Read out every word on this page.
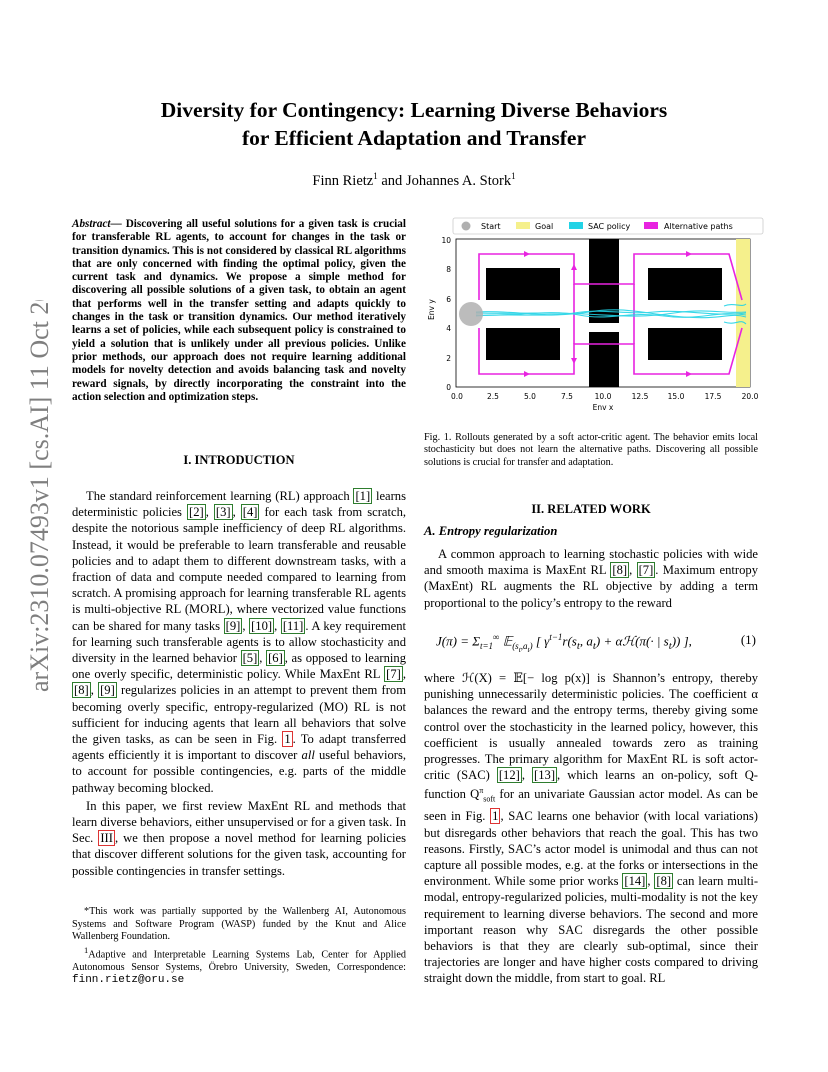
arXiv:2310.07493v1 [cs.AI] 11 Oct 2023
Diversity for Contingency: Learning Diverse Behaviors
for Efficient Adaptation and Transfer
Finn Rietz$^1$ and Johannes A. Stork$^1$
Abstract— Discovering all useful solutions for a given task is crucial for transferable RL agents, to account for changes in the task or transition dynamics. This is not considered by classical RL algorithms that are only concerned with finding the optimal policy, given the current task and dynamics. We propose a simple method for discovering all possible solutions of a given task, to obtain an agent that performs well in the transfer setting and adapts quickly to changes in the task or transition dynamics. Our method iteratively learns a set of policies, while each subsequent policy is constrained to yield a solution that is unlikely under all previous policies. Unlike prior methods, our approach does not require learning additional models for novelty detection and avoids balancing task and novelty reward signals, by directly incorporating the constraint into the action selection and optimization steps.
I. INTRODUCTION

The standard reinforcement learning (RL) approach [1] learns deterministic policies [2] , [3] , [4] for each task from scratch, despite the notorious sample inefficiency of deep RL algorithms. Instead, it would be preferable to learn transferable and reusable policies and to adapt them to different downstream tasks, with a fraction of data and compute needed compared to learning from scratch. A promising approach for learning transferable RL agents is multi-objective RL (MORL), where vectorized value functions can be shared for many tasks [9] , [10] , [11] . A key requirement for learning such transferable agents is to allow stochasticity and diversity in the learned behavior [5] , [6] , as opposed to learning one overly specific, deterministic policy. While MaxEnt RL [7] , [8] , [9] regularizes policies in an attempt to prevent them from becoming overly specific, entropy-regularized (MO) RL is not sufficient for inducing agents that learn all behaviors that solve the given tasks, as can be seen in Fig. 1 . To adapt transferred agents efficiently it is important to discover all useful behaviors, to account for possible contingencies, e.g. parts of the middle pathway becoming blocked.

In this paper, we first review MaxEnt RL and methods that learn diverse behaviors, either unsupervised or for a given task. In Sec. III , we then propose a novel method for learning policies that discover different solutions for the given task, accounting for possible contingencies in transfer settings.

*This work was partially supported by the Wallenberg AI, Autonomous Systems and Software Program (WASP) funded by the Knut and Alice Wallenberg Foundation.
$^1$Adaptive and Interpretable Learning Systems Lab, Center for Applied Autonomous Sensor Systems, Örebro University, Sweden, Correspondence: finn.rietz@oru.se
Start	Goal	SAC policy	Alternative paths
0
2
4
6
8
10
Env y
0.0	2.5	5.0	7.5	10.0	12.5	15.0	17.5	20.0
Env x
Fig. 1. Rollouts generated by a soft actor-critic agent. The behavior emits local stochasticity but does not learn the alternative paths. Discovering all possible solutions is crucial for transfer and adaptation.
II. RELATED WORK
A. Entropy regularization

A common approach to learning stochastic policies with wide and smooth maxima is MaxEnt RL [8] , [7] . Maximum entropy (MaxEnt) RL augments the RL objective by adding a term proportional to the policy’s entropy to the reward

$J(\pi) = \Sigma_{t=1}^\infty$ 𝔼$_{(s_t,a_t)}$ [ $\gamma^{t-1}r(s_t$, $a_t$) + αℋ(π(· | $s_t$)) ],	(1)

where ℋ(X) = 𝔼[− log p(x)] is Shannon’s entropy, thereby punishing unnecessarily deterministic policies. The coefficient α balances the reward and the entropy terms, thereby giving some control over the stochasticity in the learned policy, however, this coefficient is usually annealed towards zero as training progresses. The primary algorithm for MaxEnt RL is soft actor-critic (SAC) [12] , [13] , which learns an on-policy, soft Q-function $Q^\pi_{soft}$ for an univariate Gaussian actor model. As can be seen in Fig. 1 , SAC learns one behavior (with local variations) but disregards other behaviors that reach the goal. This has two reasons. Firstly, SAC’s actor model is unimodal and thus can not capture all possible modes, e.g. at the forks or intersections in the environment. While some prior works [14] , [8] can learn multi-modal, entropy-regularized policies, multi-modality is not the key requirement to learning diverse behaviors. The second and more important reason why SAC disregards the other possible behaviors is that they are clearly sub-optimal, since their trajectories are longer and have higher costs compared to driving straight down the middle, from start to goal. RL
